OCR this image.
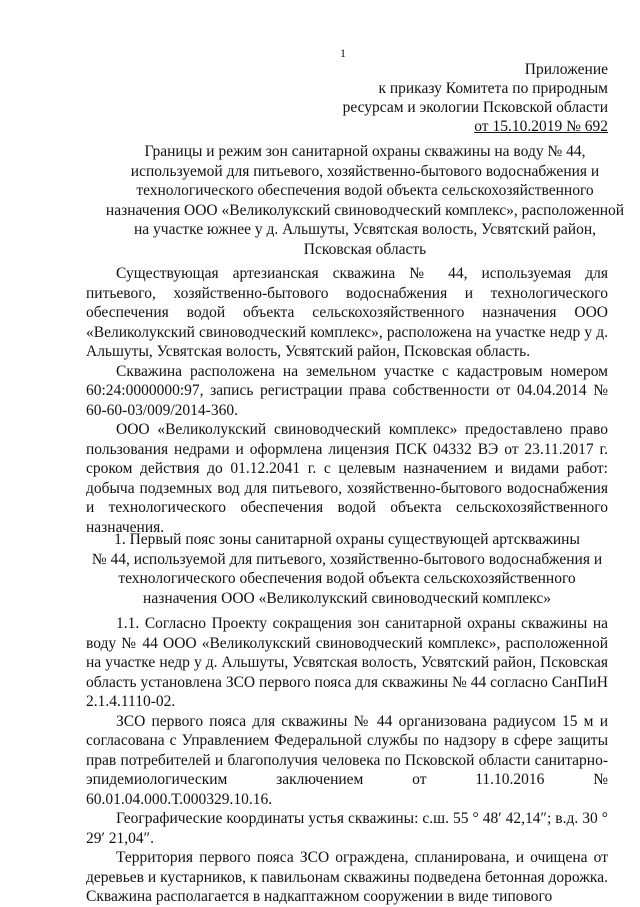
1
Приложение
к приказу Комитета по природным
ресурсам и экологии Псковской области
от 15.10.2019 № 692
Границы и режим зон санитарной охраны скважины на воду № 44,
используемой для питьевого, хозяйственно-бытового водоснабжения и
технологического обеспечения водой объекта сельскохозяйственного
назначения ООО «Великолукский свиноводческий комплекс», расположенной
на участке южнее у д. Альшуты, Усвятская волость, Усвятский район,
Псковская область

Существующая артезианская скважина № 44, используемая для питьевого, хозяйственно-бытового водоснабжения и технологического обеспечения водой объекта сельскохозяйственного назначения ООО «Великолукский свиноводческий комплекс», расположена на участке недр у д. Альшуты, Усвятская волость, Усвятский район, Псковская область.

Скважина расположена на земельном участке с кадастровым номером 60:24:0000000:97, запись регистрации права собственности от 04.04.2014 № 60-60-03/009/2014-360.

ООО «Великолукский свиноводческий комплекс» предоставлено право пользования недрами и оформлена лицензия ПСК 04332 ВЭ от 23.11.2017 г. сроком действия до 01.12.2041 г. с целевым назначением и видами работ: добыча подземных вод для питьевого, хозяйственно-бытового водоснабжения и технологического обеспечения водой объекта сельскохозяйственного назначения.

1. Первый пояс зоны санитарной охраны существующей артскважины
№ 44, используемой для питьевого, хозяйственно-бытового водоснабжения и
технологического обеспечения водой объекта сельскохозяйственного
назначения ООО «Великолукский свиноводческий комплекс»

1.1. Согласно Проекту сокращения зон санитарной охраны скважины на воду № 44 ООО «Великолукский свиноводческий комплекс», расположенной на участке недр у д. Альшуты, Усвятская волость, Усвятский район, Псковская область установлена ЗСО первого пояса для скважины № 44 согласно СанПиН 2.1.4.1110-02.

ЗСО первого пояса для скважины № 44 организована радиусом 15 м и согласована с Управлением Федеральной службы по надзору в сфере защиты прав потребителей и благополучия человека по Псковской области санитарно-эпидемиологическим заключением от 11.10.2016 № 60.01.04.000.Т.000329.10.16.

Географические координаты устья скважины: с.ш. 55 ° 48′ 42,14″; в.д. 30 ° 29′ 21,04″.

Территория первого пояса ЗСО ограждена, спланирована, и очищена от деревьев и кустарников, к павильонам скважины подведена бетонная дорожка. Скважина располагается в надкаптажном сооружении в виде типового
